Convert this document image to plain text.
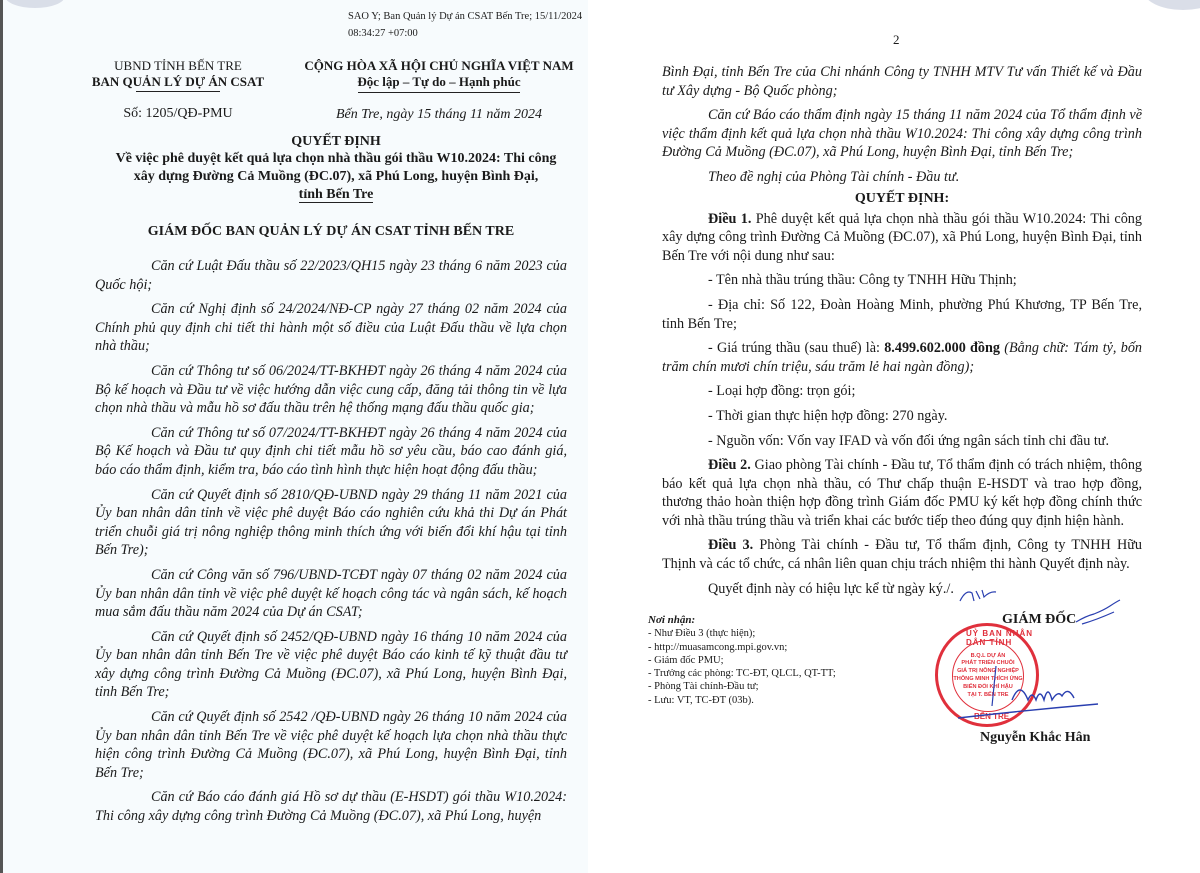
SAO Y; Ban Quản lý Dự án CSAT Bến Tre; 15/11/2024
08:34:27 +07:00
UBND TỈNH BẾN TRE
BAN QUẢN LÝ DỰ ÁN CSAT
Số: 1205/QĐ-PMU
CỘNG HÒA XÃ HỘI CHỦ NGHĨA VIỆT NAM
Độc lập – Tự do – Hạnh phúc
Bến Tre, ngày 15 tháng 11 năm 2024
QUYẾT ĐỊNH
Về việc phê duyệt kết quả lựa chọn nhà thầu gói thầu W10.2024: Thi công
xây dựng Đường Cả Muồng (ĐC.07), xã Phú Long, huyện Bình Đại,
tỉnh Bến Tre
GIÁM ĐỐC BAN QUẢN LÝ DỰ ÁN CSAT TỈNH BẾN TRE
Căn cứ Luật Đấu thầu số 22/2023/QH15 ngày 23 tháng 6 năm 2023 của Quốc hội;
Căn cứ Nghị định số 24/2024/NĐ-CP ngày 27 tháng 02 năm 2024 của Chính phủ quy định chi tiết thi hành một số điều của Luật Đấu thầu về lựa chọn nhà thầu;
Căn cứ Thông tư số 06/2024/TT-BKHĐT ngày 26 tháng 4 năm 2024 của Bộ kế hoạch và Đầu tư về việc hướng dẫn việc cung cấp, đăng tải thông tin về lựa chọn nhà thầu và mẫu hồ sơ đấu thầu trên hệ thống mạng đấu thầu quốc gia;
Căn cứ Thông tư số 07/2024/TT-BKHĐT ngày 26 tháng 4 năm 2024 của Bộ Kế hoạch và Đầu tư quy định chi tiết mẫu hồ sơ yêu cầu, báo cao đánh giá, báo cáo thẩm định, kiểm tra, báo cáo tình hình thực hiện hoạt động đấu thầu;
Căn cứ Quyết định số 2810/QĐ-UBND ngày 29 tháng 11 năm 2021 của Ủy ban nhân dân tỉnh về việc phê duyệt Báo cáo nghiên cứu khả thi Dự án Phát triển chuỗi giá trị nông nghiệp thông minh thích ứng với biến đổi khí hậu tại tỉnh Bến Tre);
Căn cứ Công văn số 796/UBND-TCĐT ngày 07 tháng 02 năm 2024 của Ủy ban nhân dân tỉnh về việc phê duyệt kế hoạch công tác và ngân sách, kế hoạch mua sắm đấu thầu năm 2024 của Dự án CSAT;
Căn cứ Quyết định số 2452/QĐ-UBND ngày 16 tháng 10 năm 2024 của Ủy ban nhân dân tỉnh Bến Tre về việc phê duyệt Báo cáo kinh tế kỹ thuật đầu tư xây dựng công trình Đường Cả Muồng (ĐC.07), xã Phú Long, huyện Bình Đại, tỉnh Bến Tre;
Căn cứ Quyết định số 2542 /QĐ-UBND ngày 26 tháng 10 năm 2024 của Ủy ban nhân dân tỉnh Bến Tre về việc phê duyệt kế hoạch lựa chọn nhà thầu thực hiện công trình Đường Cả Muồng (ĐC.07), xã Phú Long, huyện Bình Đại, tỉnh Bến Tre;
Căn cứ Báo cáo đánh giá Hồ sơ dự thầu (E-HSDT) gói thầu W10.2024: Thi công xây dựng công trình Đường Cả Muồng (ĐC.07), xã Phú Long, huyện
2
Bình Đại, tỉnh Bến Tre của Chi nhánh Công ty TNHH MTV Tư vấn Thiết kế và Đầu tư Xây dựng - Bộ Quốc phòng;
Căn cứ Báo cáo thẩm định ngày 15 tháng 11 năm 2024 của Tổ thẩm định về việc thẩm định kết quả lựa chọn nhà thầu W10.2024: Thi công xây dựng công trình Đường Cả Muồng (ĐC.07), xã Phú Long, huyện Bình Đại, tỉnh Bến Tre;
Theo đề nghị của Phòng Tài chính - Đầu tư.
QUYẾT ĐỊNH:
Điều 1. Phê duyệt kết quả lựa chọn nhà thầu gói thầu W10.2024: Thi công xây dựng công trình Đường Cả Muồng (ĐC.07), xã Phú Long, huyện Bình Đại, tỉnh Bến Tre với nội dung như sau:
- Tên nhà thầu trúng thầu: Công ty TNHH Hữu Thịnh;
- Địa chỉ: Số 122, Đoàn Hoàng Minh, phường Phú Khương, TP Bến Tre, tỉnh Bến Tre;
- Giá trúng thầu (sau thuế) là: 8.499.602.000 đồng (Bằng chữ: Tám tỷ, bốn trăm chín mươi chín triệu, sáu trăm lẻ hai ngàn đồng);
- Loại hợp đồng: trọn gói;
- Thời gian thực hiện hợp đồng: 270 ngày.
- Nguồn vốn: Vốn vay IFAD và vốn đối ứng ngân sách tỉnh chi đầu tư.
Điều 2. Giao phòng Tài chính - Đầu tư, Tổ thẩm định có trách nhiệm, thông báo kết quả lựa chọn nhà thầu, có Thư chấp thuận E-HSDT và trao hợp đồng, thương thảo hoàn thiện hợp đồng trình Giám đốc PMU ký kết hợp đồng chính thức với nhà thầu trúng thầu và triển khai các bước tiếp theo đúng quy định hiện hành.
Điều 3. Phòng Tài chính - Đầu tư, Tổ thẩm định, Công ty TNHH Hữu Thịnh và các tổ chức, cá nhân liên quan chịu trách nhiệm thi hành Quyết định này.
Quyết định này có hiệu lực kể từ ngày ký./.
Nơi nhận:
- Như Điều 3 (thực hiện);
- http://muasamcong.mpi.gov.vn;
- Giám đốc PMU;
- Trưởng các phòng: TC-ĐT, QLCL, QT-TT;
- Phòng Tài chính-Đầu tư;
- Lưu: VT, TC-ĐT (03b).
GIÁM ĐỐC
UỶ BAN NHÂN DÂN TỈNH
B.Q.L DỰ ÁN
PHÁT TRIỂN CHUỖI
GIÁ TRỊ NÔNG NGHIỆP
THÔNG MINH THÍCH ỨNG
BIẾN ĐỔI KHÍ HẬU
TẠI T. BẾN TRE
BẾN TRE
Nguyễn Khắc Hân
